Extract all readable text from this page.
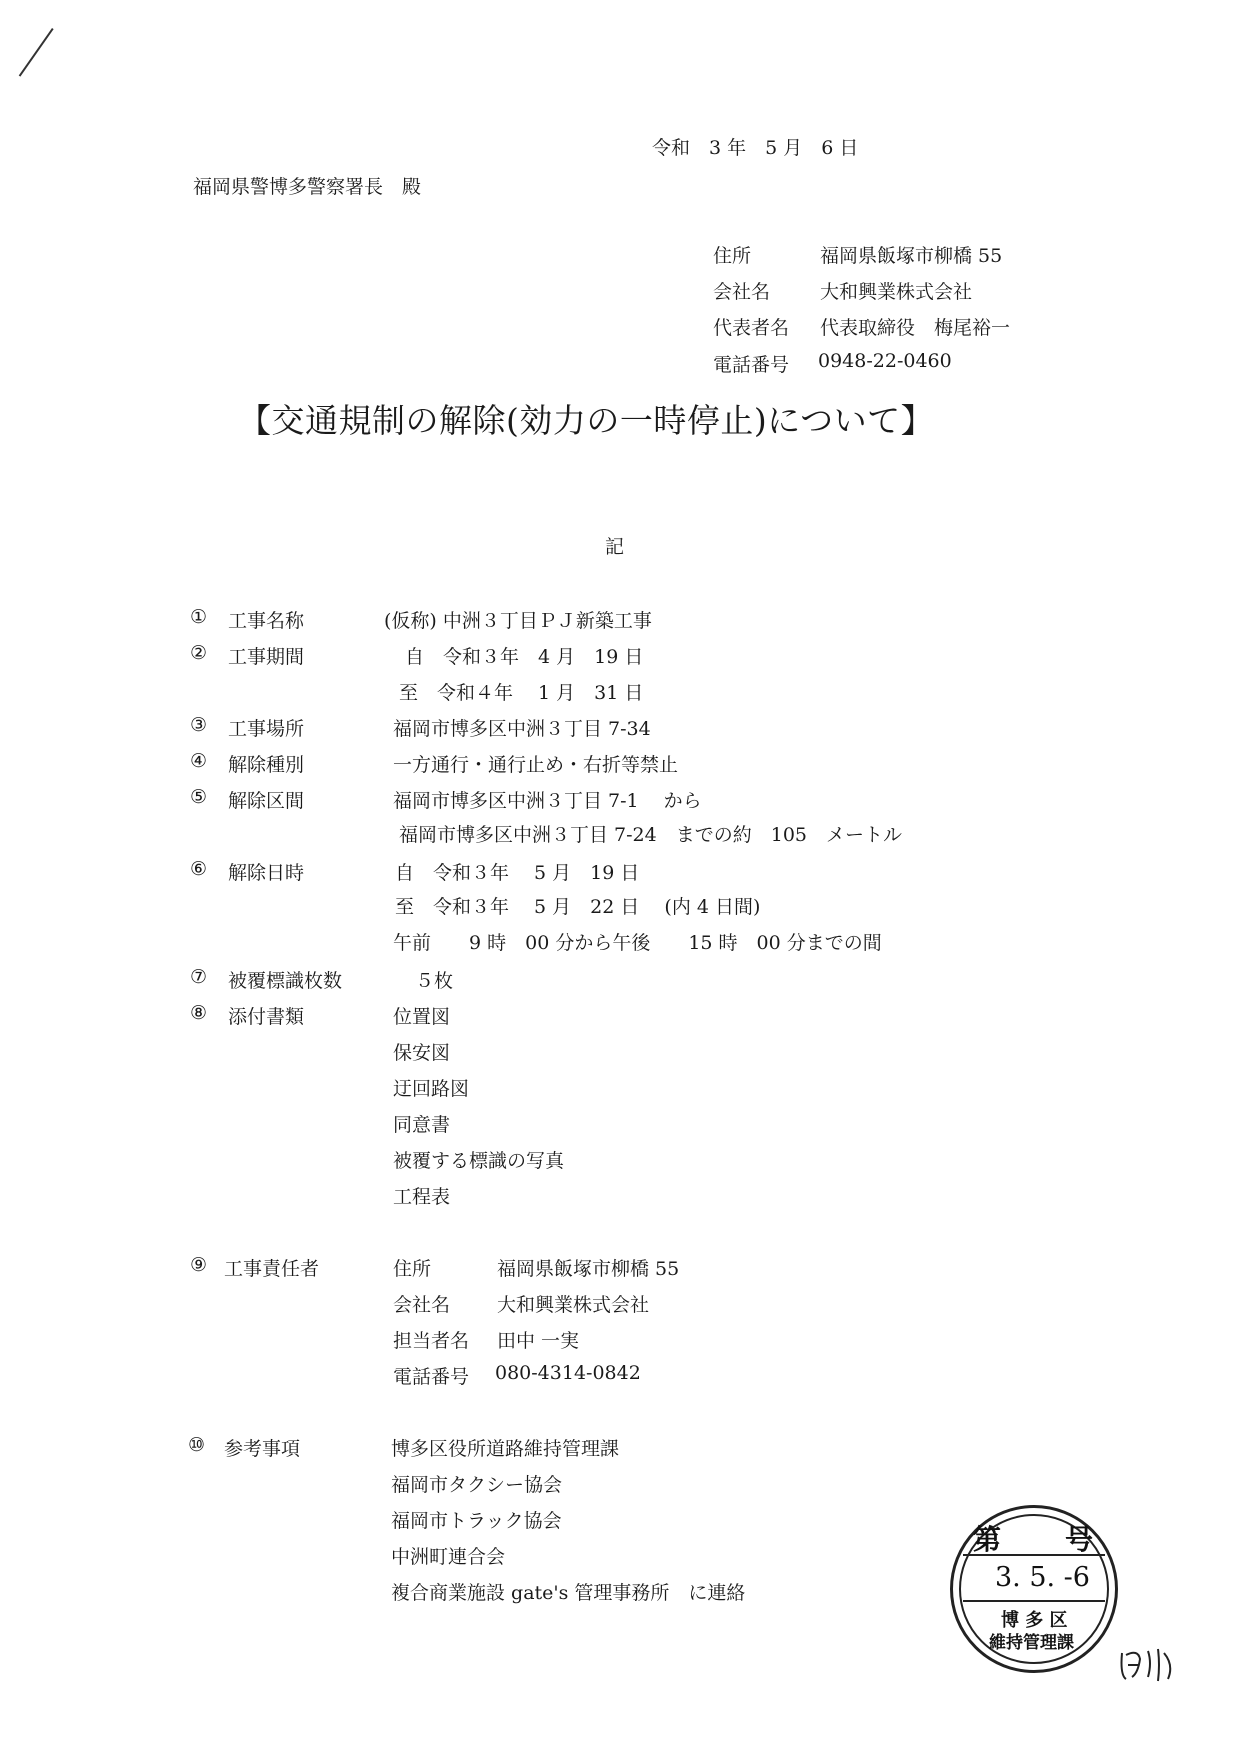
令和　3 年　5 月　6 日
福岡県警博多警察署長　殿
住所	福岡県飯塚市柳橋 55
会社名	大和興業株式会社
代表者名 代表取締役　梅尾裕一
電話番号 0948-22-0460
【交通規制の解除(効力の一時停止)について】
記
① 工事名称	(仮称) 中洲３丁目ＰＪ新築工事
② 工事期間	自　令和３年　4 月　19 日
至　令和４年　 1 月　31 日
③ 工事場所	福岡市博多区中洲３丁目 7-34
④ 解除種別	一方通行・通行止め・右折等禁止
⑤ 解除区間	福岡市博多区中洲３丁目 7-1　 から
福岡市博多区中洲３丁目 7-24　までの約　105　メートル
⑥ 解除日時	自　令和３年　 5 月　19 日
至　令和３年　 5 月　22 日　 (内 4 日間)
午前　　9 時　00 分から午後　　15 時　00 分までの間
⑦ 被覆標識枚数	５枚
⑧ 添付書類	位置図
保安図
迂回路図
同意書
被覆する標識の写真
工程表
⑨ 工事責任者	住所	福岡県飯塚市柳橋 55
会社名 大和興業株式会社
担当者名 田中 一実
電話番号 080-4314-0842
⑩ 参考事項	博多区役所道路維持管理課
福岡市タクシー協会
福岡市トラック協会
中洲町連合会
複合商業施設 gate's 管理事務所　に連絡
第 号
3. 5. -6
博 多 区
維持管理課
